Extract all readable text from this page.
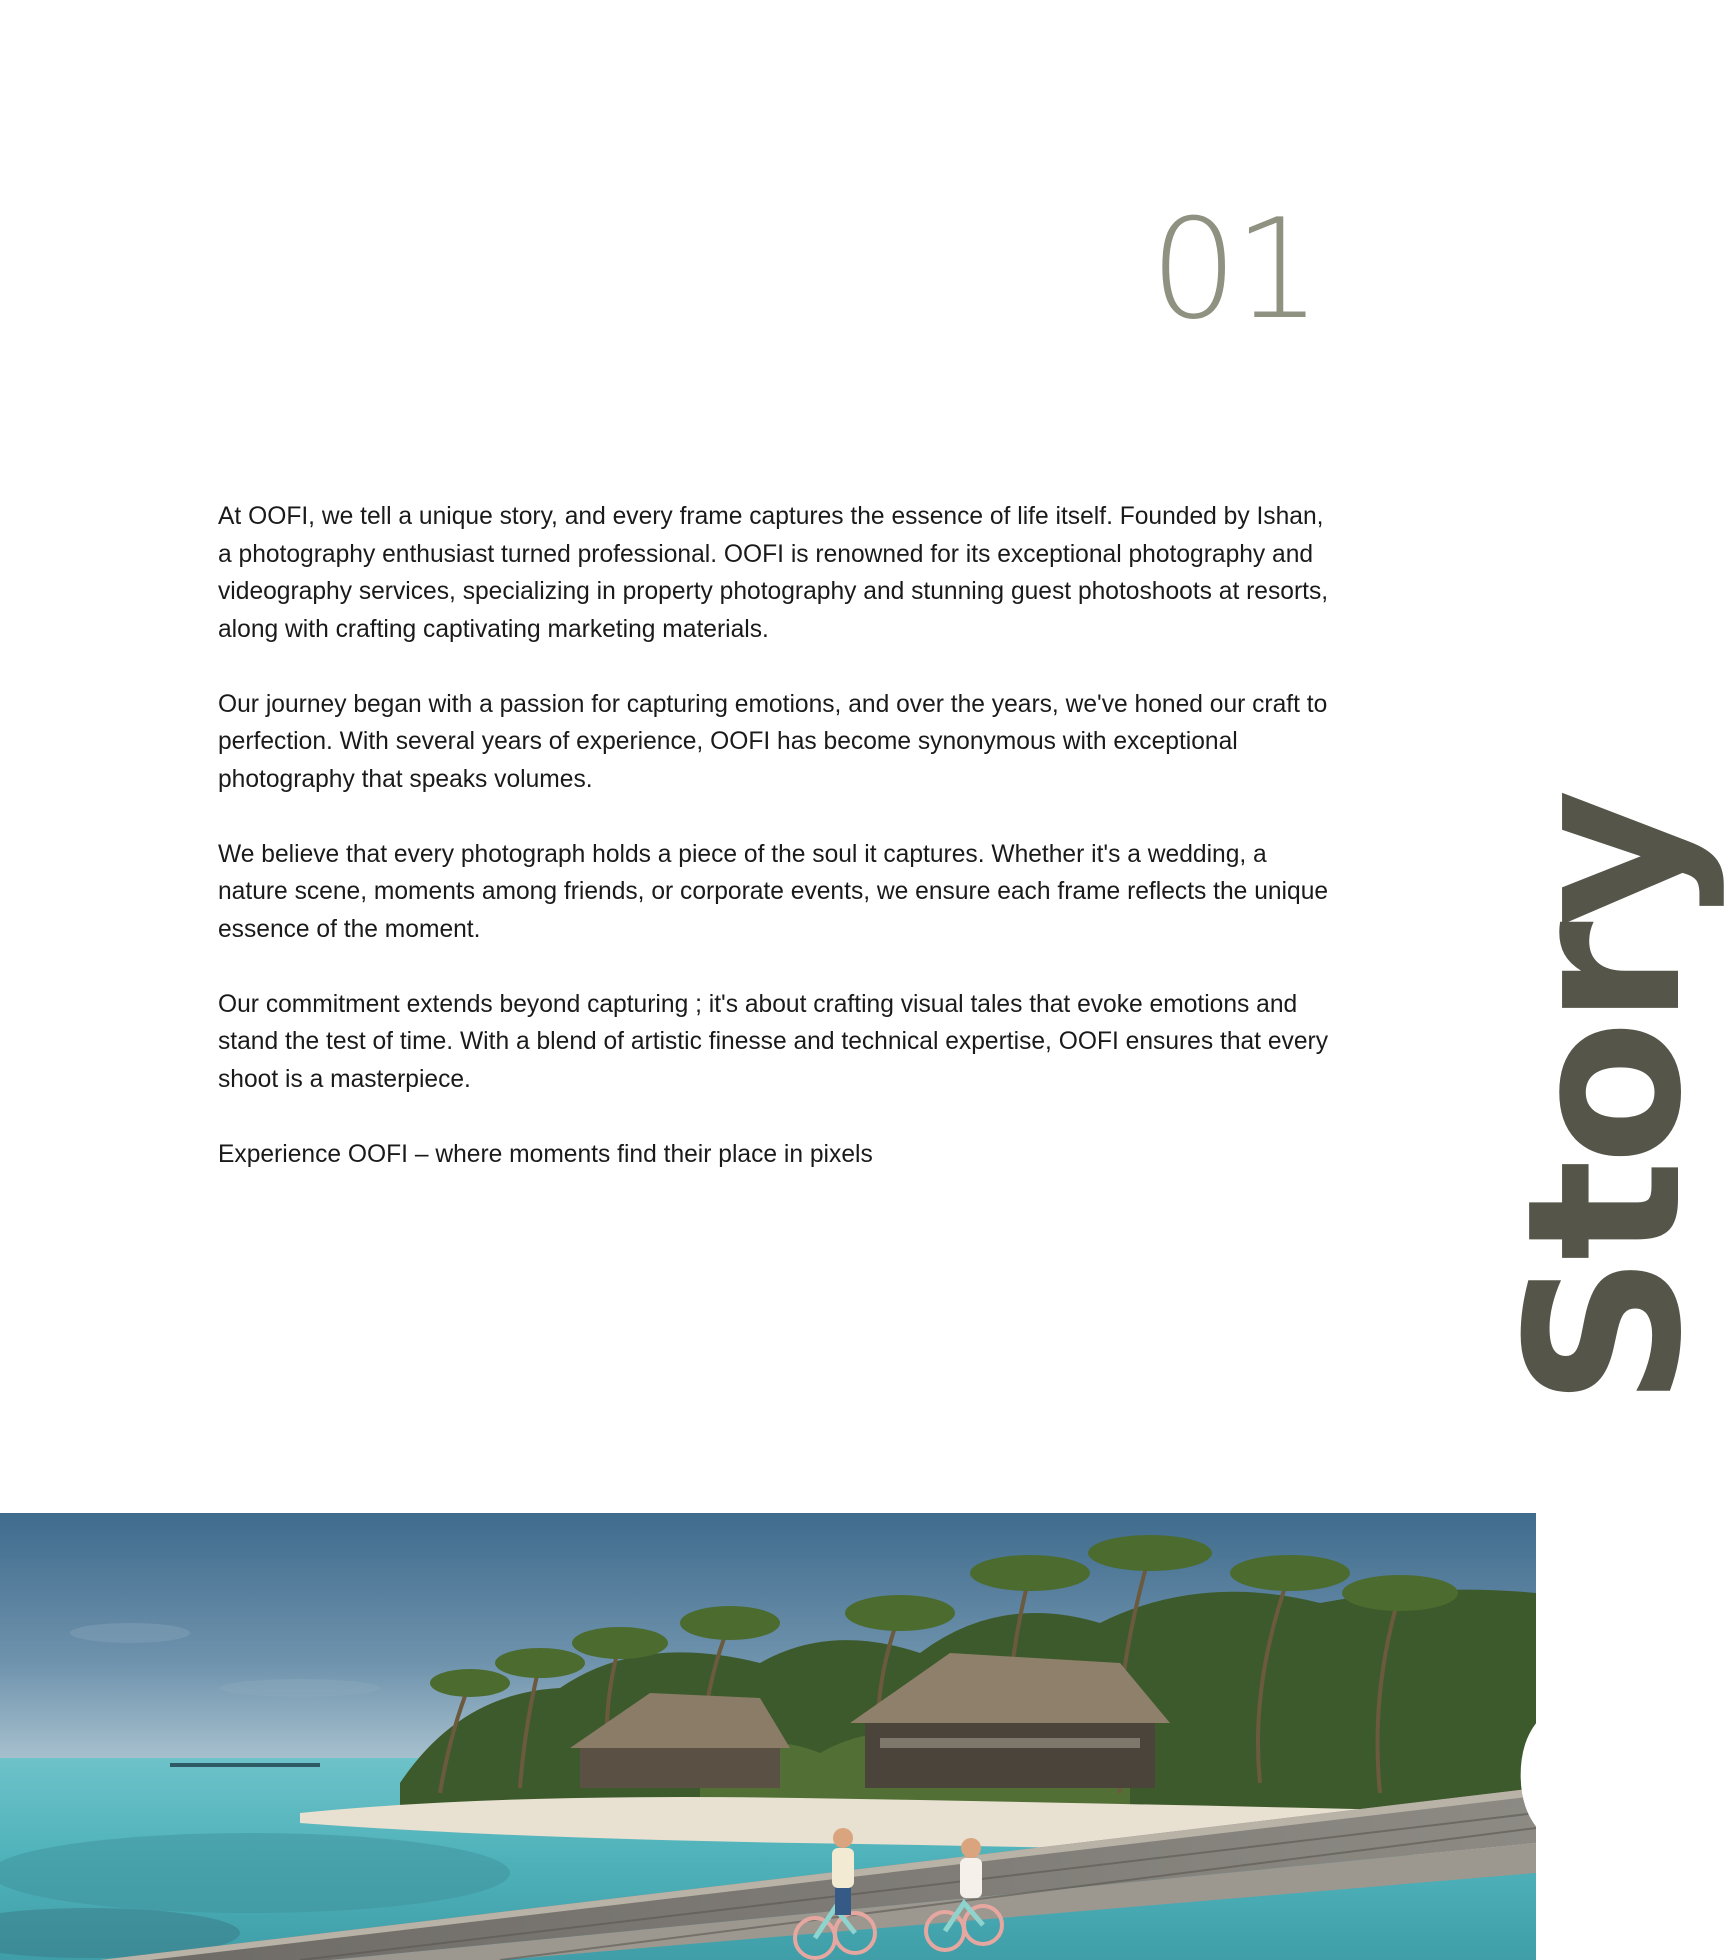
01

At OOFI, we tell a unique story, and every frame captures the essence of life itself. Founded by Ishan, a photography enthusiast turned professional. OOFI is renowned for its exceptional photography and videography services, specializing in property photography and stunning guest photoshoots at resorts, along with crafting captivating marketing materials.

Our journey began with a passion for capturing emotions, and over the years, we've honed our craft to perfection. With several years of experience, OOFI has become synonymous with exceptional photography that speaks volumes.

We believe that every photograph holds a piece of the soul it captures. Whether it's a wedding, a nature scene, moments among friends, or corporate events, we ensure each frame reflects the unique essence of the moment.

Our commitment extends beyond capturing ; it's about crafting visual tales that evoke emotions and stand the test of time. With a blend of artistic finesse and technical expertise, OOFI ensures that every shoot is a masterpiece.

Experience OOFI – where moments find their place in pixels

OurStory
